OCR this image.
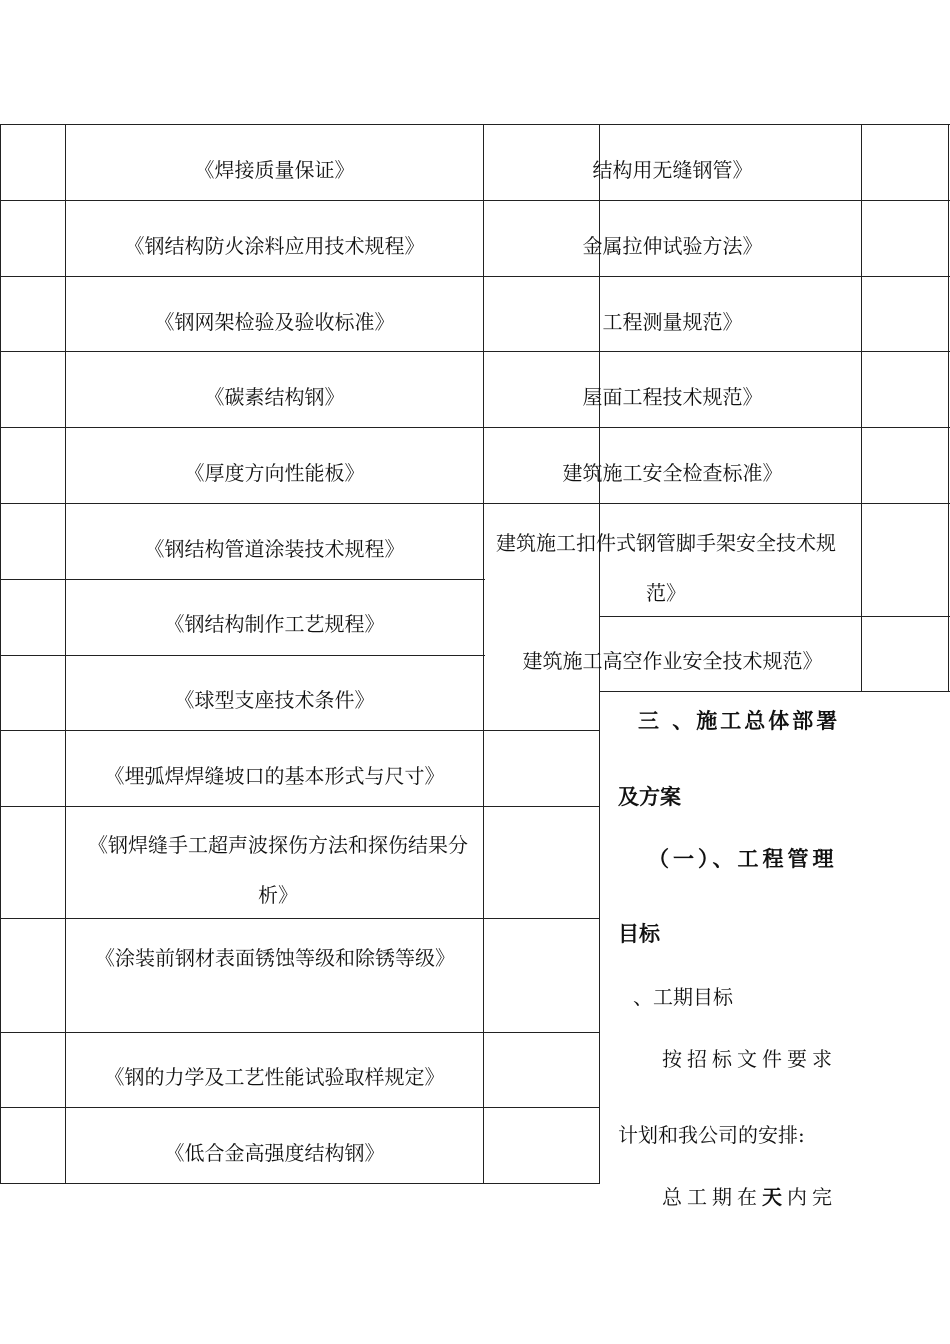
《焊接质量保证》
《钢结构防火涂料应用技术规程》
《钢网架检验及验收标准》
《碳素结构钢》
《厚度方向性能板》
《钢结构管道涂装技术规程》
《钢结构制作工艺规程》
《球型支座技术条件》
《埋弧焊焊缝坡口的基本形式与尺寸》
《钢焊缝手工超声波探伤方法和探伤结果分析》
《涂装前钢材表面锈蚀等级和除锈等级》
《钢的力学及工艺性能试验取样规定》
《低合金高强度结构钢》
结构用无缝钢管》
金属拉伸试验方法》
工程测量规范》
屋面工程技术规范》
建筑施工安全检查标准》
建筑施工扣件式钢管脚手架安全技术规范》
建筑施工高空作业安全技术规范》
三 、施工总体部署
及方案
（一）、工程管理
目标
、工期目标
按招标文件要求
计划和我公司的安排:
总工期在天内完
